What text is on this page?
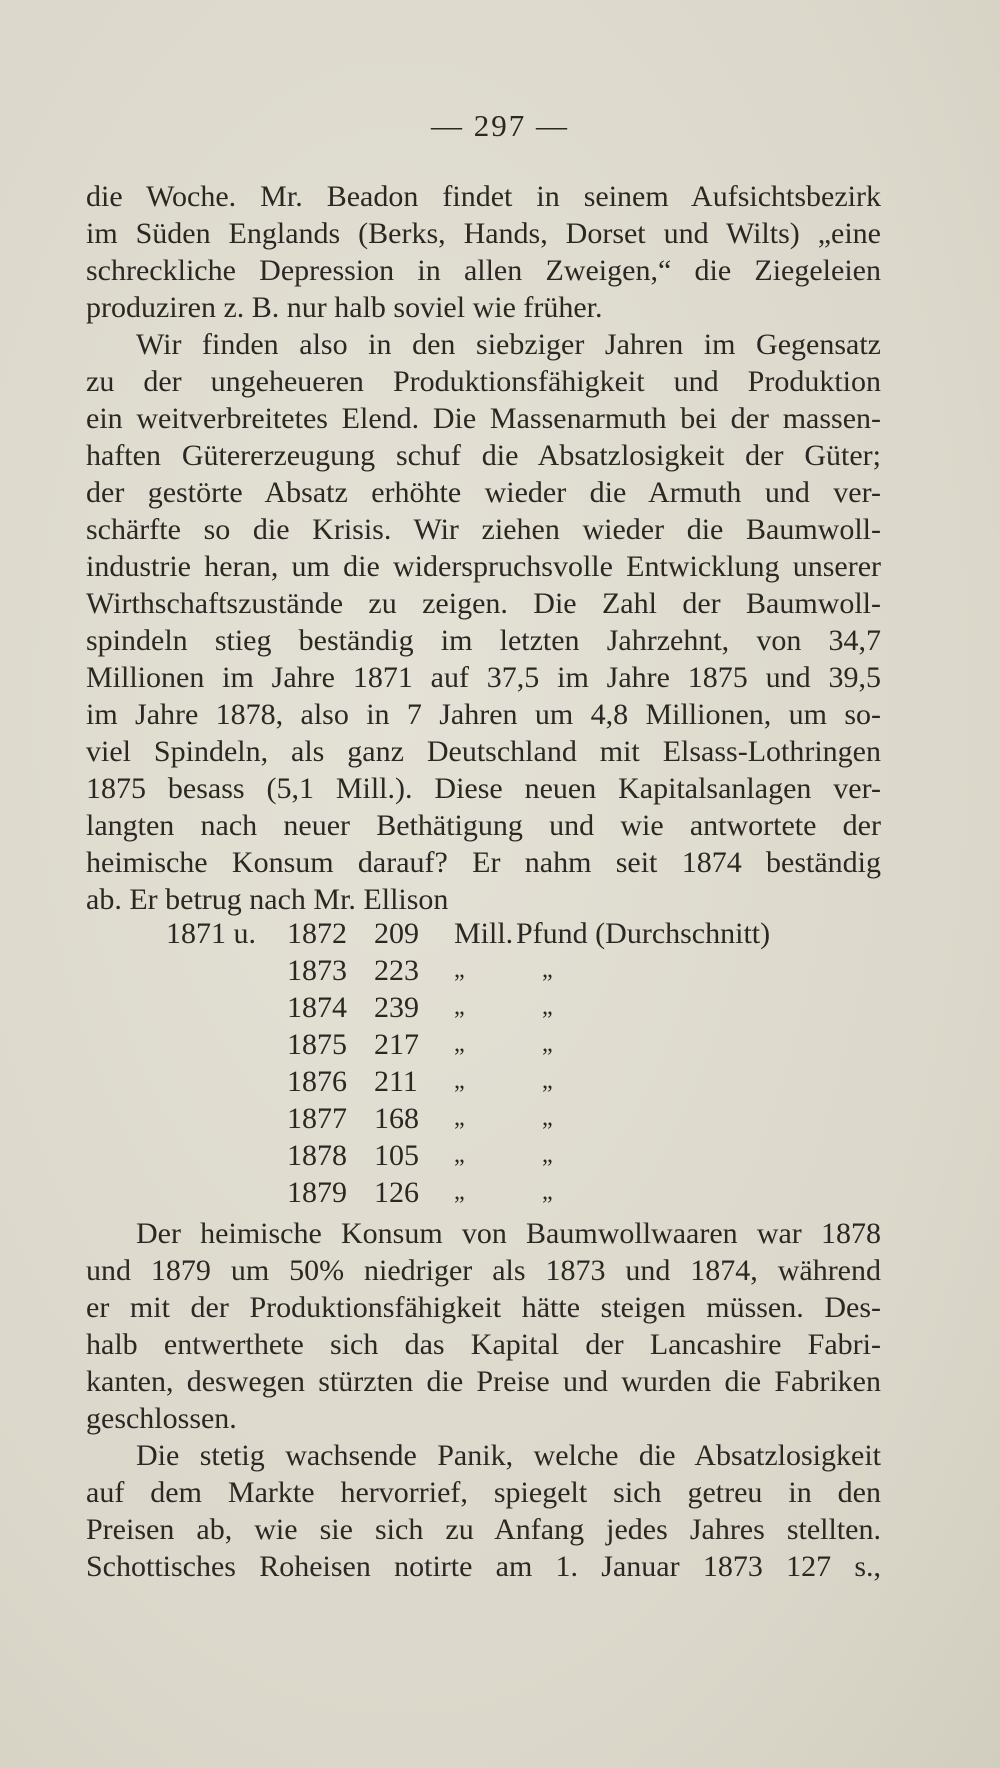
— 297 —
die Woche. Mr. Beadon findet in seinem Aufsichtsbezirk
im Süden Englands (Berks, Hands, Dorset und Wilts) „eine
schreckliche Depression in allen Zweigen,“ die Ziegeleien
produziren z. B. nur halb soviel wie früher.
Wir finden also in den siebziger Jahren im Gegensatz
zu der ungeheueren Produktionsfähigkeit und Produktion
ein weitverbreitetes Elend. Die Massenarmuth bei der massen-
haften Gütererzeugung schuf die Absatzlosigkeit der Güter;
der gestörte Absatz erhöhte wieder die Armuth und ver-
schärfte so die Krisis. Wir ziehen wieder die Baumwoll-
industrie heran, um die widerspruchsvolle Entwicklung unserer
Wirthschaftszustände zu zeigen. Die Zahl der Baumwoll-
spindeln stieg beständig im letzten Jahrzehnt, von 34,7
Millionen im Jahre 1871 auf 37,5 im Jahre 1875 und 39,5
im Jahre 1878, also in 7 Jahren um 4,8 Millionen, um so-
viel Spindeln, als ganz Deutschland mit Elsass-Lothringen
1875 besass (5,1 Mill.). Diese neuen Kapitalsanlagen ver-
langten nach neuer Bethätigung und wie antwortete der
heimische Konsum darauf? Er nahm seit 1874 beständig
ab. Er betrug nach Mr. Ellison
1871 u. 1872 209 Mill. Pfund (Durchschnitt)
1873 223 „	„
1874 239 „	„
1875 217 „	„
1876 211 „	„
1877 168 „	„
1878 105 „	„
1879 126 „	„
Der heimische Konsum von Baumwollwaaren war 1878
und 1879 um 50% niedriger als 1873 und 1874, während
er mit der Produktionsfähigkeit hätte steigen müssen. Des-
halb entwerthete sich das Kapital der Lancashire Fabri-
kanten, deswegen stürzten die Preise und wurden die Fabriken
geschlossen.
Die stetig wachsende Panik, welche die Absatzlosigkeit
auf dem Markte hervorrief, spiegelt sich getreu in den
Preisen ab, wie sie sich zu Anfang jedes Jahres stellten.
Schottisches Roheisen notirte am 1. Januar 1873 127 s.,
